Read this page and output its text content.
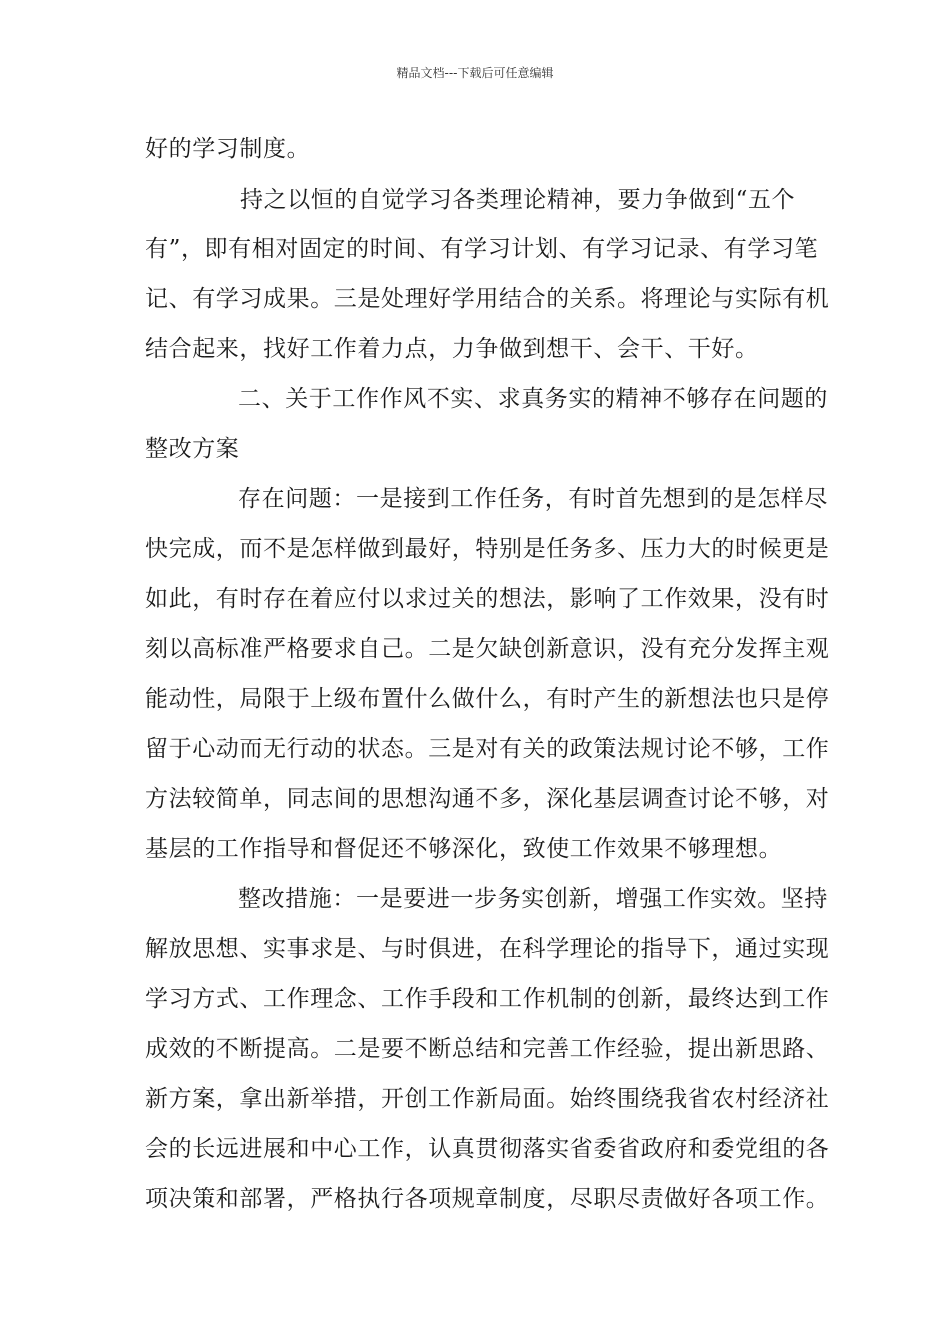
精品文档---下载后可任意编辑
好的学习制度。
持之以恒的自觉学习各类理论精神，要力争做到“五个
有”，即有相对固定的时间、有学习计划、有学习记录、有学习笔
记、有学习成果。三是处理好学用结合的关系。将理论与实际有机
结合起来，找好工作着力点，力争做到想干、会干、干好。
二、关于工作作风不实、求真务实的精神不够存在问题的
整改方案
存在问题：一是接到工作任务，有时首先想到的是怎样尽
快完成，而不是怎样做到最好，特别是任务多、压力大的时候更是
如此，有时存在着应付以求过关的想法，影响了工作效果，没有时
刻以高标准严格要求自己。二是欠缺创新意识，没有充分发挥主观
能动性，局限于上级布置什么做什么，有时产生的新想法也只是停
留于心动而无行动的状态。三是对有关的政策法规讨论不够，工作
方法较简单，同志间的思想沟通不多，深化基层调查讨论不够，对
基层的工作指导和督促还不够深化，致使工作效果不够理想。
整改措施：一是要进一步务实创新，增强工作实效。坚持
解放思想、实事求是、与时俱进，在科学理论的指导下，通过实现
学习方式、工作理念、工作手段和工作机制的创新，最终达到工作
成效的不断提高。二是要不断总结和完善工作经验，提出新思路、
新方案，拿出新举措，开创工作新局面。始终围绕我省农村经济社
会的长远进展和中心工作，认真贯彻落实省委省政府和委党组的各
项决策和部署，严格执行各项规章制度，尽职尽责做好各项工作。
